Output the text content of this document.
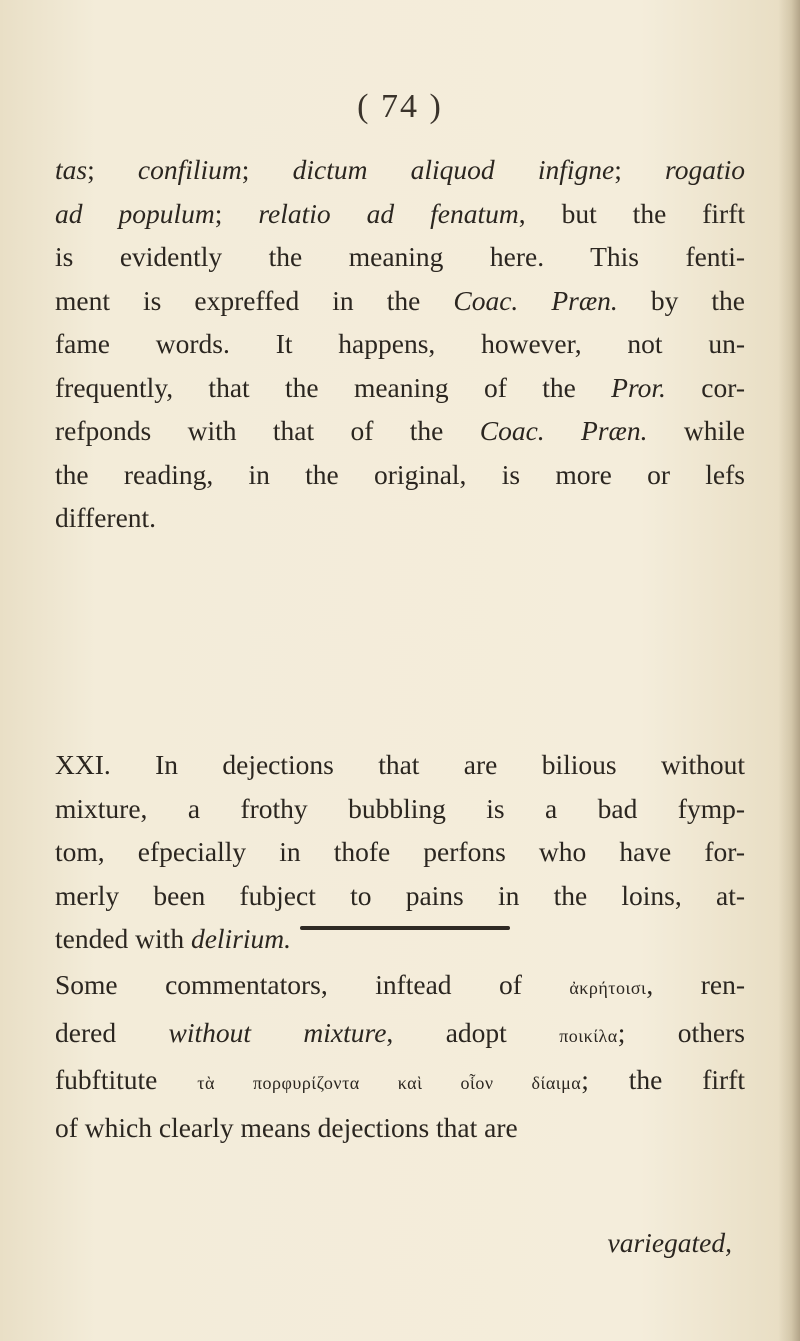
( 74 )
tas; confilium; dictum aliquod infigne; rogatio
ad populum; relatio ad fenatum, but the firft
is evidently the meaning here. This fenti-
ment is expreffed in the Coac. Præn. by the
fame words. It happens, however, not un-
frequently, that the meaning of the Pror. cor-
refponds with that of the Coac. Præn. while
the reading, in the original, is more or lefs
different.
XXI. In dejections that are bilious without
mixture, a frothy bubbling is a bad fymp-
tom, efpecially in thofe perfons who have for-
merly been fubject to pains in the loins, at-
tended with delirium.
Some commentators, inftead of ἀκρήτοισι, ren-
dered without mixture, adopt ποικίλα; others
fubftitute τὰ πορφυρίζοντα καὶ οἷον δίαιμα; the firft
of which clearly means dejections that are
variegated,
